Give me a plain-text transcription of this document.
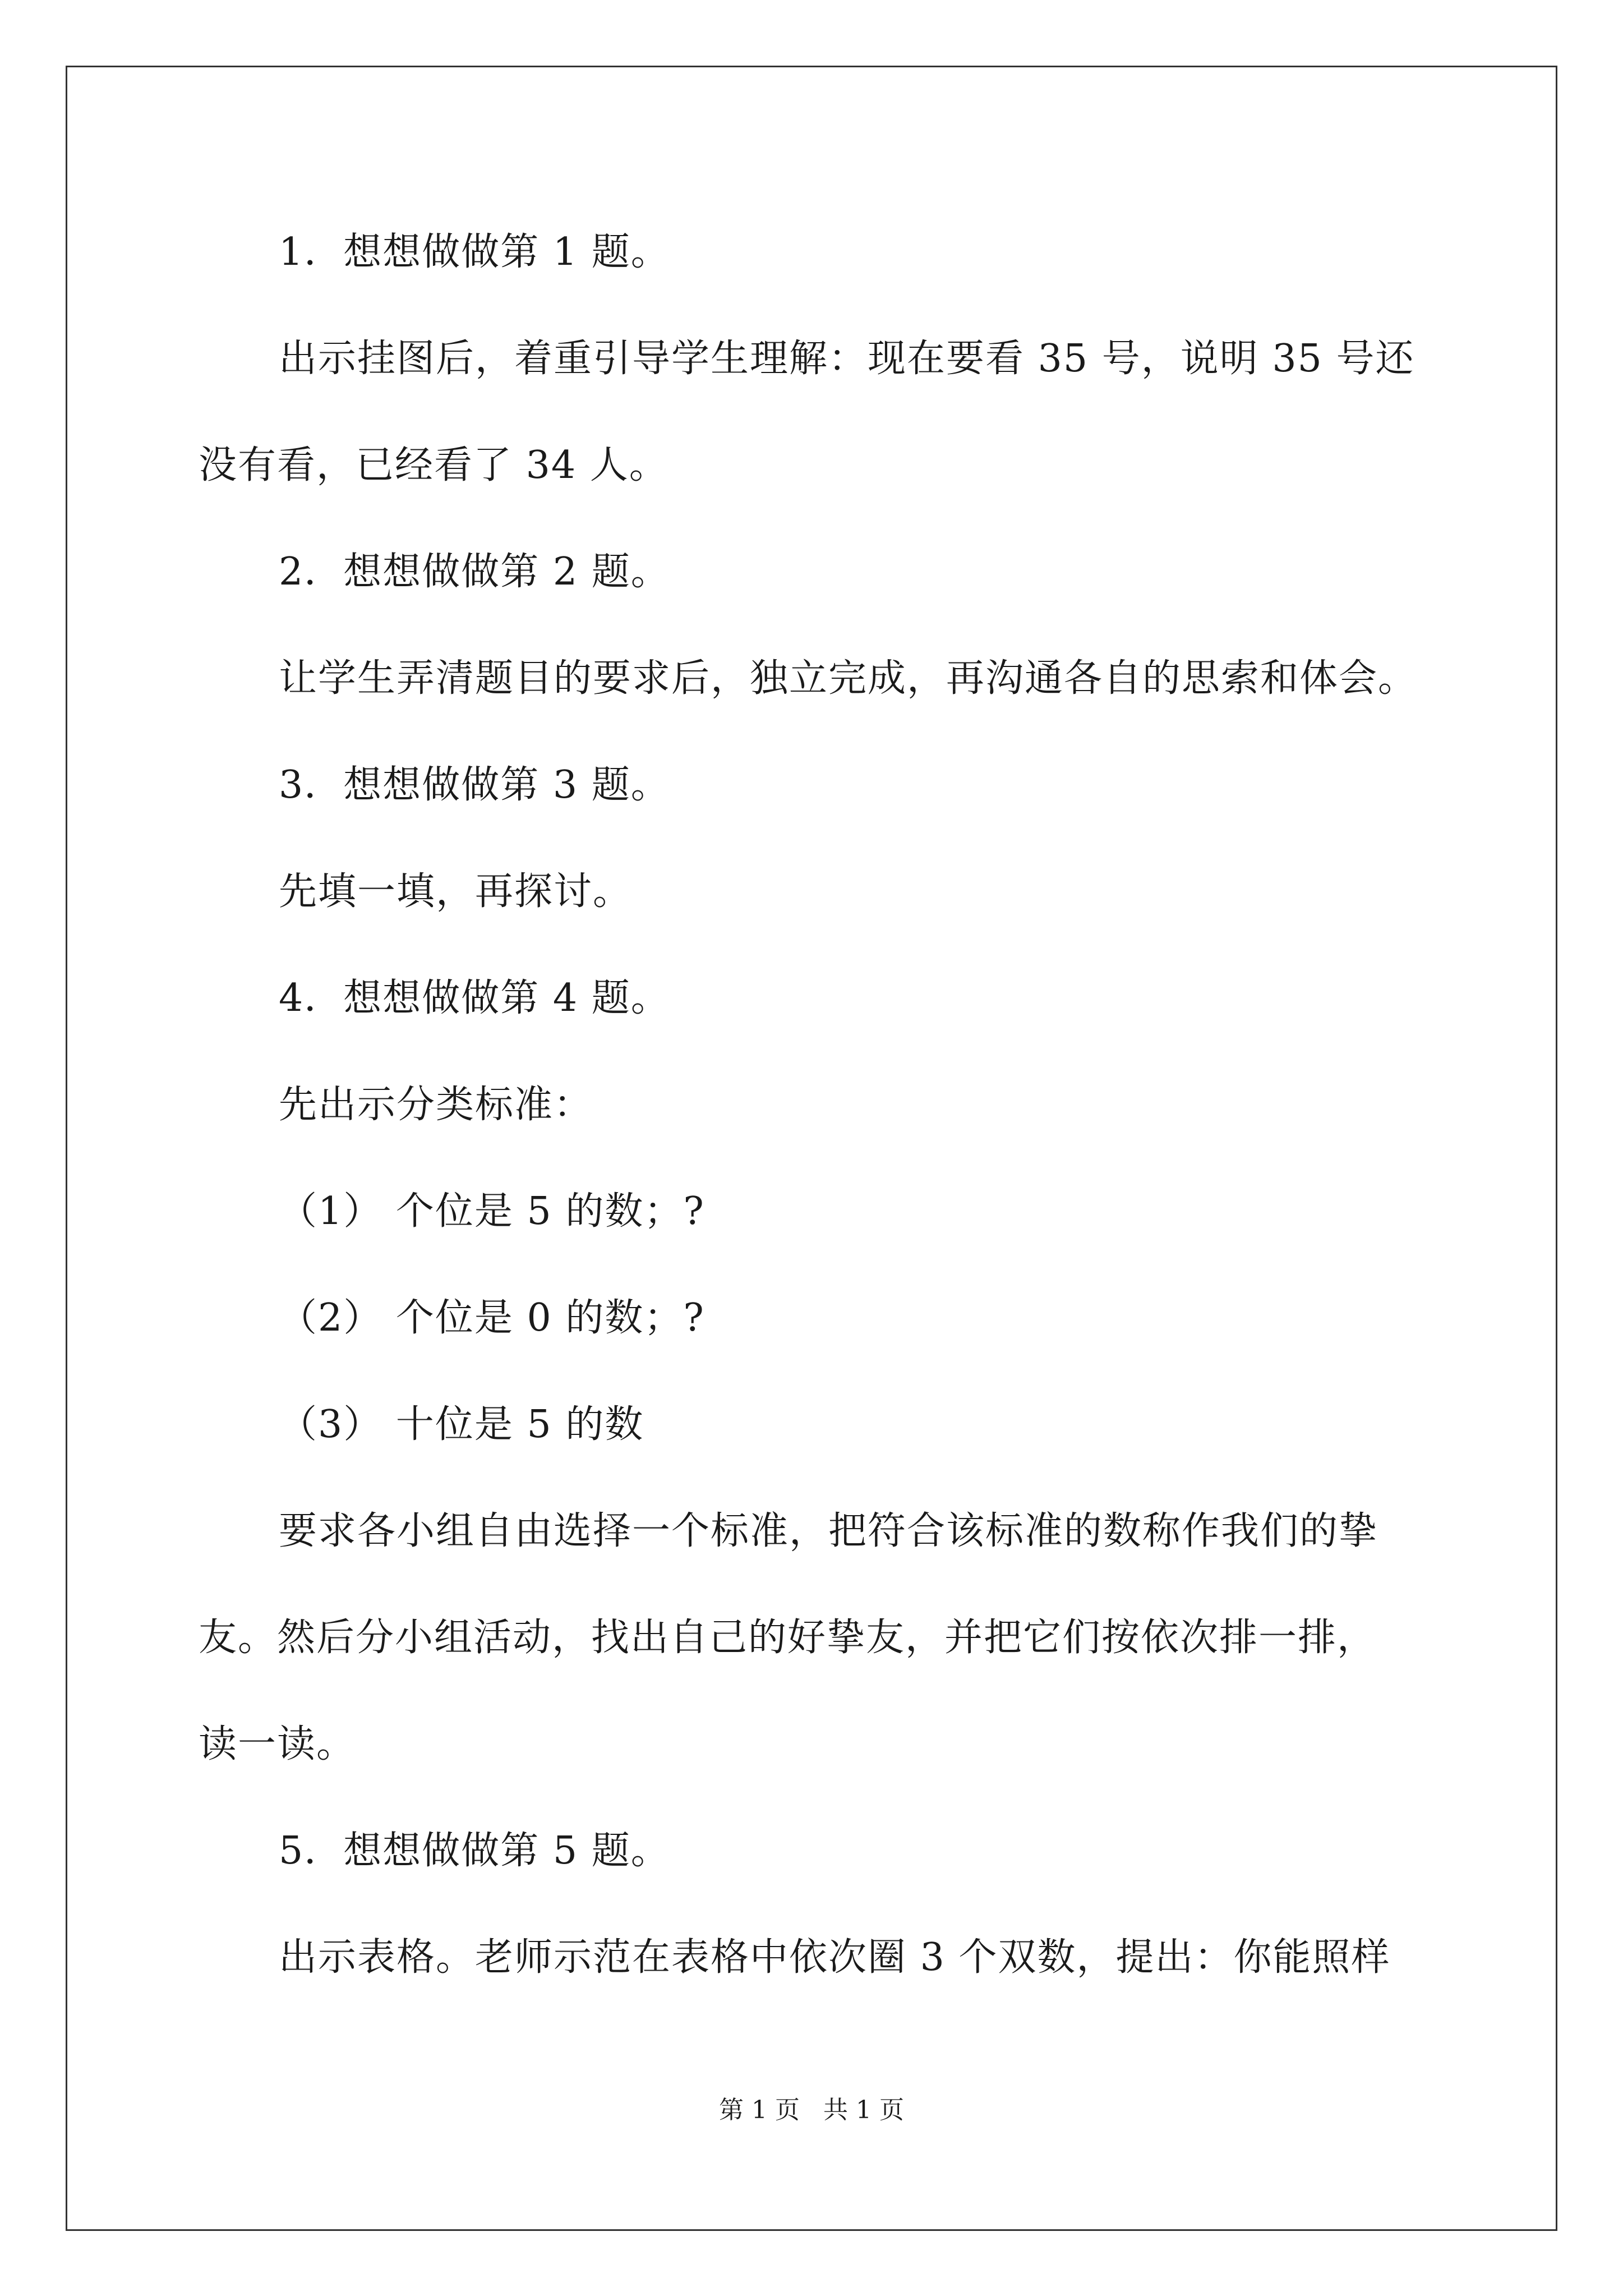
1．想想做做第 1 题。
出示挂图后，着重引导学生理解：现在要看 35 号，说明 35 号还
没有看，已经看了 34 人。
2．想想做做第 2 题。
让学生弄清题目的要求后，独立完成，再沟通各自的思索和体会。
3．想想做做第 3 题。
先填一填，再探讨。
4．想想做做第 4 题。
先出示分类标准：
（1） 个位是 5 的数；?
（2） 个位是 0 的数；?
（3） 十位是 5 的数
要求各小组自由选择一个标准，把符合该标准的数称作我们的挚
友。然后分小组活动，找出自己的好挚友，并把它们按依次排一排，
读一读。
5．想想做做第 5 题。
出示表格。老师示范在表格中依次圈 3 个双数，提出：你能照样
第 1 页   共 1 页
